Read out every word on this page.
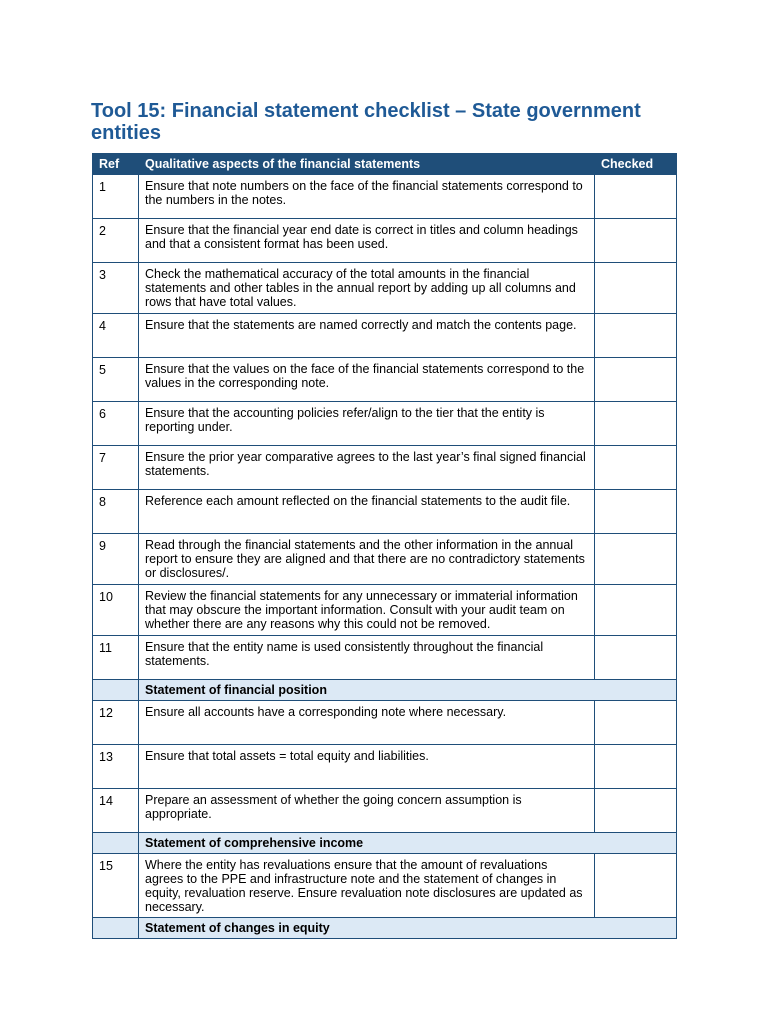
Tool 15: Financial statement checklist – State government entities
Ref	Qualitative aspects of the financial statements	Checked
1	Ensure that note numbers on the face of the financial statements correspond to the numbers in the notes.	
2	Ensure that the financial year end date is correct in titles and column headings and that a consistent format has been used.	
3	Check the mathematical accuracy of the total amounts in the financial statements and other tables in the annual report by adding up all columns and rows that have total values.	
4	Ensure that the statements are named correctly and match the contents page.	
5	Ensure that the values on the face of the financial statements correspond to the values in the corresponding note.	
6	Ensure that the accounting policies refer/align to the tier that the entity is reporting under.	
7	Ensure the prior year comparative agrees to the last year’s final signed financial statements.	
8	Reference each amount reflected on the financial statements to the audit file.	
9	Read through the financial statements and the other information in the annual report to ensure they are aligned and that there are no contradictory statements or disclosures/.	
10	Review the financial statements for any unnecessary or immaterial information that may obscure the important information. Consult with your audit team on whether there are any reasons why this could not be removed.	
11	Ensure that the entity name is used consistently throughout the financial statements.	
	Statement of financial position	
12	Ensure all accounts have a corresponding note where necessary.	
13	Ensure that total assets = total equity and liabilities.	
14	Prepare an assessment of whether the going concern assumption is appropriate.	
	Statement of comprehensive income	
15	Where the entity has revaluations ensure that the amount of revaluations agrees to the PPE and infrastructure note and the statement of changes in equity, revaluation reserve. Ensure revaluation note disclosures are updated as necessary.	
	Statement of changes in equity	
